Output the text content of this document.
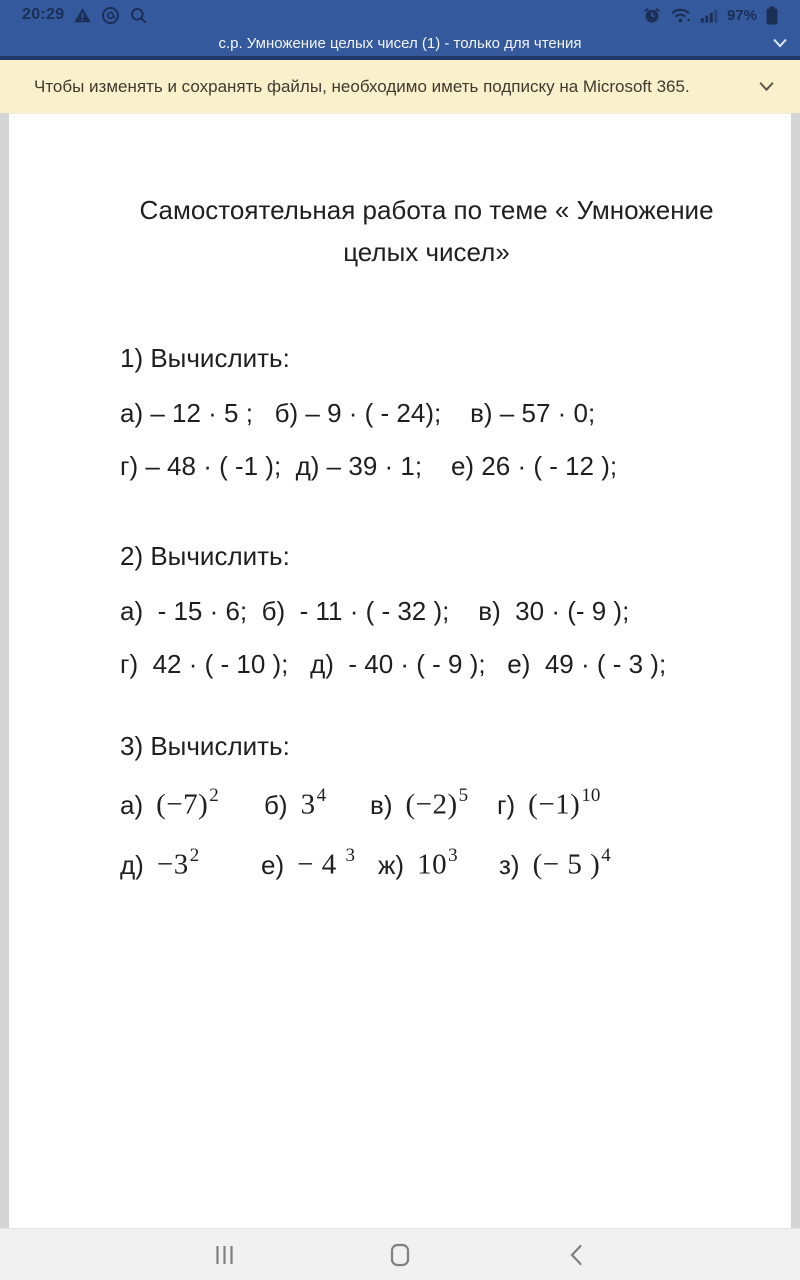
20:29	97%
с.р. Умножение целых чисел (1) - только для чтения
Чтобы изменять и сохранять файлы, необходимо иметь подписку на Microsoft 365.

Самостоятельная работа по теме « Умножение целых чисел»

1) Вычислить:

а) – 12 · 5 ;   б) – 9 · ( - 24);    в) – 57 · 0;

г) – 48 · ( -1 );  д) – 39 · 1;    е) 26 · ( - 12 );

2) Вычислить:

а)  - 15 · 6;  б)  - 11 · ( - 32 );    в)  30 · (- 9 );

г)  42 · ( - 10 );   д)  - 40 · ( - 9 );   е)  49 · ( - 3 );

3) Вычислить:

а) $(-7)^2$	б) $3^4$	в) $(-2)^5$	г) $(-1)^{10}$
$д) -3^2$	е) − 4 $^3$ ж) $10^3$	з) (− 5 )$^4$
